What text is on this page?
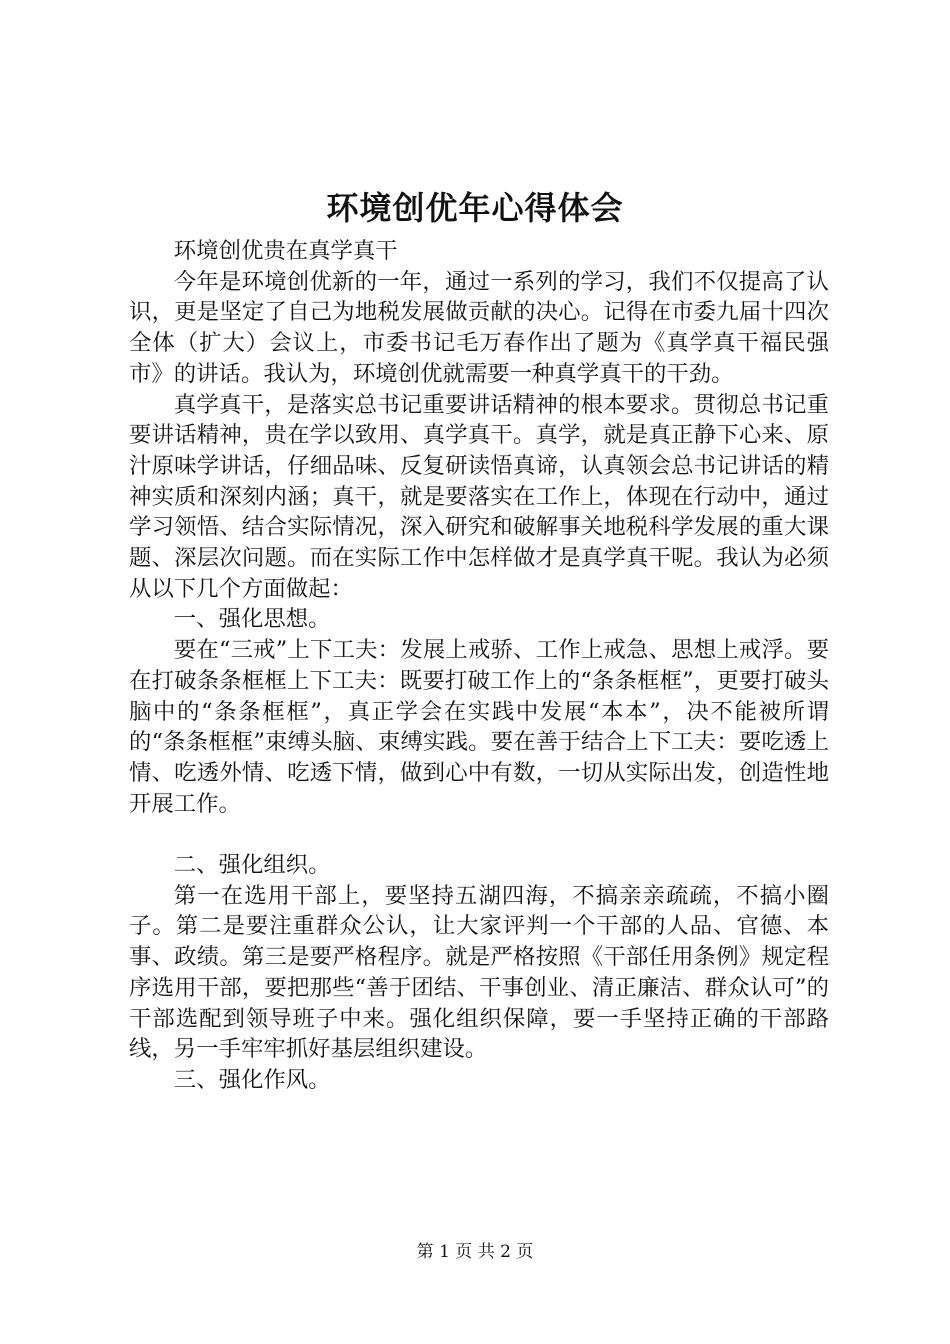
环境创优年心得体会

环境创优贵在真学真干

今年是环境创优新的一年，通过一系列的学习，我们不仅提高了认识，更是坚定了自己为地税发展做贡献的决心。记得在市委九届十四次全体（扩大）会议上，市委书记毛万春作出了题为《真学真干福民强市》的讲话。我认为，环境创优就需要一种真学真干的干劲。

真学真干，是落实总书记重要讲话精神的根本要求。贯彻总书记重要讲话精神，贵在学以致用、真学真干。真学，就是真正静下心来、原汁原味学讲话，仔细品味、反复研读悟真谛，认真领会总书记讲话的精神实质和深刻内涵；真干，就是要落实在工作上，体现在行动中，通过学习领悟、结合实际情况，深入研究和破解事关地税科学发展的重大课题、深层次问题。而在实际工作中怎样做才是真学真干呢。我认为必须从以下几个方面做起：

一、强化思想。

要在“三戒”上下工夫：发展上戒骄、工作上戒急、思想上戒浮。要在打破条条框框上下工夫：既要打破工作上的“条条框框”，更要打破头脑中的“条条框框”，真正学会在实践中发展“本本”，决不能被所谓的“条条框框”束缚头脑、束缚实践。要在善于结合上下工夫：要吃透上情、吃透外情、吃透下情，做到心中有数，一切从实际出发，创造性地开展工作。

二、强化组织。

第一在选用干部上，要坚持五湖四海，不搞亲亲疏疏，不搞小圈子。第二是要注重群众公认，让大家评判一个干部的人品、官德、本事、政绩。第三是要严格程序。就是严格按照《干部任用条例》规定程序选用干部，要把那些“善于团结、干事创业、清正廉洁、群众认可”的干部选配到领导班子中来。强化组织保障，要一手坚持正确的干部路线，另一手牢牢抓好基层组织建设。

三、强化作风。

第 1 页 共 2 页
